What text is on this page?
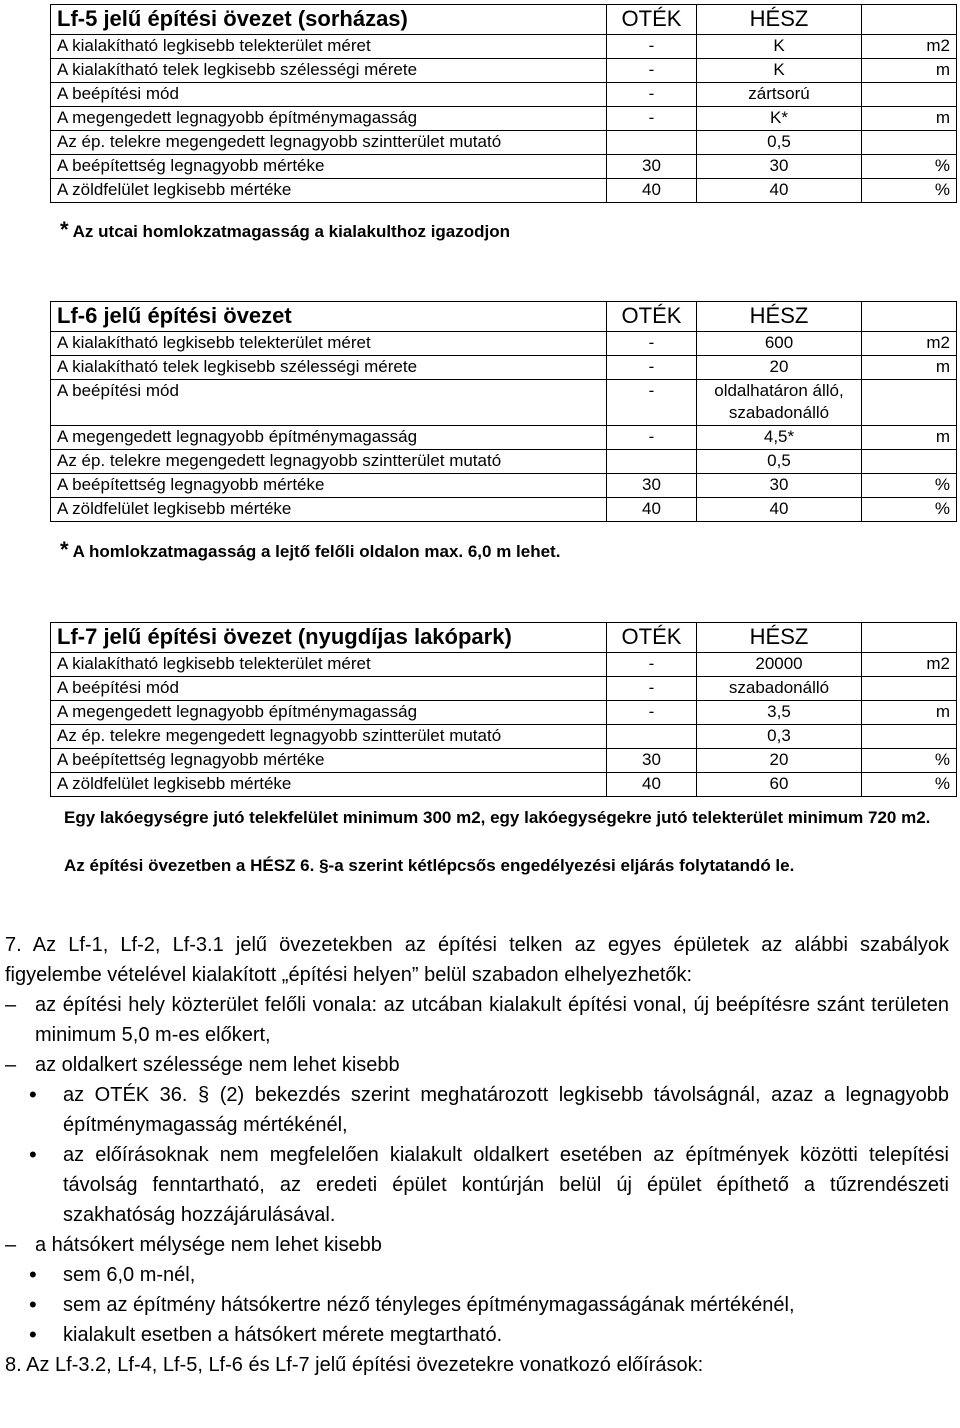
Lf-5 jelű építési övezet (sorházas)	OTÉK	HÉSZ	
A kialakítható legkisebb telekterület méret	-	K	m2
A kialakítható telek legkisebb szélességi mérete	-	K	m
A beépítési mód	-	zártsorú	
A megengedett legnagyobb építménymagasság	-	K*	m
Az ép. telekre megengedett legnagyobb szintterület mutató		0,5	
A beépítettség legnagyobb mértéke	30	30	%
A zöldfelület legkisebb mértéke	40	40	%
* Az utcai homlokzatmagasság a kialakulthoz igazodjon
Lf-6 jelű építési övezet	OTÉK	HÉSZ	
A kialakítható legkisebb telekterület méret	-	600	m2
A kialakítható telek legkisebb szélességi mérete	-	20	m
A beépítési mód	-	oldalhatáron álló, szabadonálló	
A megengedett legnagyobb építménymagasság	-	4,5*	m
Az ép. telekre megengedett legnagyobb szintterület mutató		0,5	
A beépítettség legnagyobb mértéke	30	30	%
A zöldfelület legkisebb mértéke	40	40	%
* A homlokzatmagasság a lejtő felőli oldalon max. 6,0 m lehet.
Lf-7 jelű építési övezet (nyugdíjas lakópark)	OTÉK	HÉSZ	
A kialakítható legkisebb telekterület méret	-	20000	m2
A beépítési mód	-	szabadonálló	
A megengedett legnagyobb építménymagasság	-	3,5	m
Az ép. telekre megengedett legnagyobb szintterület mutató		0,3	
A beépítettség legnagyobb mértéke	30	20	%
A zöldfelület legkisebb mértéke	40	60	%
Egy lakóegységre jutó telekfelület minimum 300 m2, egy lakóegységekre jutó telekterület minimum 720 m2.
Az építési övezetben a HÉSZ 6. §-a szerint kétlépcsős engedélyezési eljárás folytatandó le.
7. Az Lf-1, Lf-2, Lf-3.1 jelű övezetekben az építési telken az egyes épületek az alábbi szabályok figyelembe vételével kialakított „építési helyen” belül szabadon elhelyezhetők:
– az építési hely közterület felőli vonala: az utcában kialakult építési vonal, új beépítésre szánt területen minimum 5,0 m-es előkert,
– az oldalkert szélessége nem lehet kisebb
• az OTÉK 36. § (2) bekezdés szerint meghatározott legkisebb távolságnál, azaz a legnagyobb építménymagasság mértékénél,
• az előírásoknak nem megfelelően kialakult oldalkert esetében az építmények közötti telepítési távolság fenntartható, az eredeti épület kontúrján belül új épület építhető a tűzrendészeti szakhatóság hozzájárulásával.
– a hátsókert mélysége nem lehet kisebb
• sem 6,0 m-nél,
• sem az építmény hátsókertre néző tényleges építménymagasságának mértékénél,
• kialakult esetben a hátsókert mérete megtartható.
8. Az Lf-3.2, Lf-4, Lf-5, Lf-6 és Lf-7 jelű építési övezetekre vonatkozó előírások:
